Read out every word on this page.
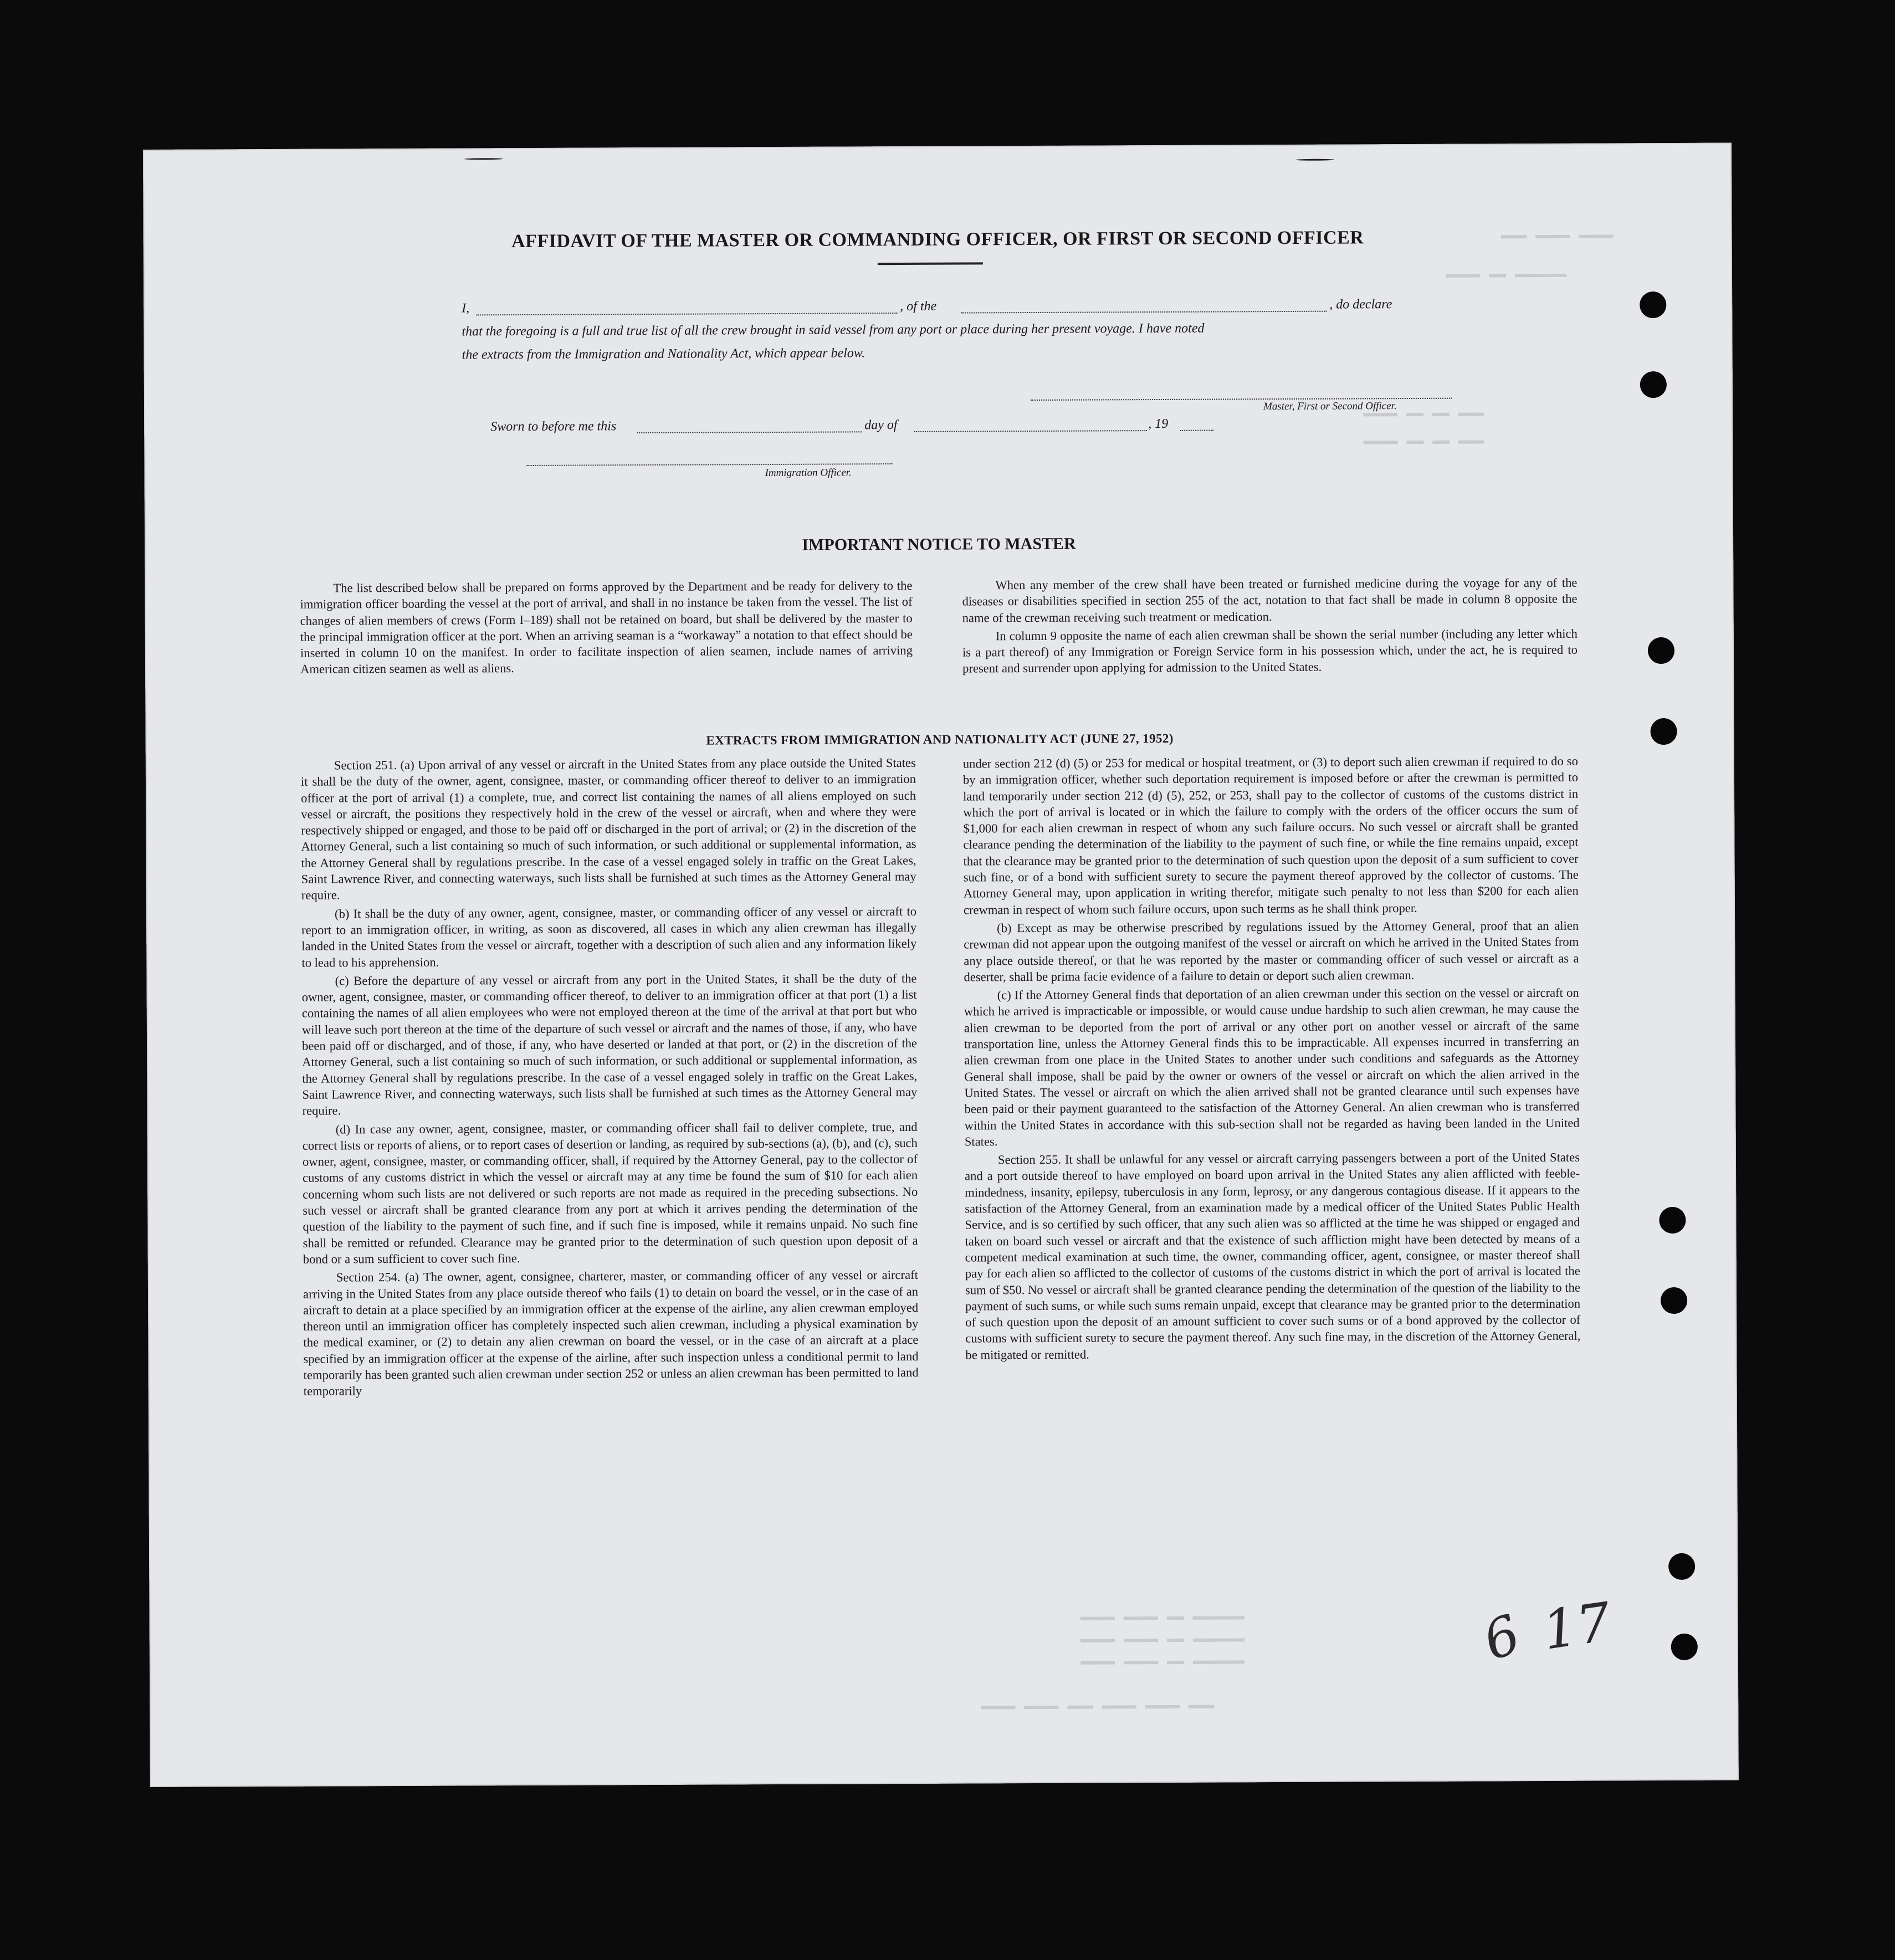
▬▬▬ ▬▬▬▬ ▬▬▬▬
▬▬▬▬ ▬▬ ▬▬▬▬▬▬
▬▬▬▬ ▬▬ ▬▬ ▬▬▬
▬▬▬▬ ▬▬ ▬▬ ▬▬▬
▬▬▬▬ ▬▬▬▬ ▬▬ ▬▬▬▬▬▬
▬▬▬▬ ▬▬▬▬ ▬▬ ▬▬▬▬▬▬
▬▬▬▬ ▬▬▬▬ ▬▬ ▬▬▬▬▬▬
▬▬▬▬ ▬▬▬▬ ▬▬▬ ▬▬▬▬ ▬▬▬▬ ▬▬▬
AFFIDAVIT OF THE MASTER OR COMMANDING OFFICER, OR FIRST OR SECOND OFFICER
I,	, of the	, do declare
that the foregoing is a full and true list of all the crew brought in said vessel from any port or place during her present voyage. I have noted
the extracts from the Immigration and Nationality Act, which appear below.
Master, First or Second Officer.
Sworn to before me this	day of	, 19
Immigration Officer.
IMPORTANT NOTICE TO MASTER

The list described below shall be prepared on forms approved by the Department and be ready for delivery to the immigration officer boarding the vessel at the port of arrival, and shall in no instance be taken from the vessel. The list of changes of alien members of crews (Form I–189) shall not be retained on board, but shall be delivered by the master to the principal immigration officer at the port. When an arriving seaman is a “workaway” a notation to that effect should be inserted in column 10 on the manifest. In order to facilitate inspection of alien seamen, include names of arriving American citizen seamen as well as aliens.

When any member of the crew shall have been treated or furnished medicine during the voyage for any of the diseases or disabilities specified in section 255 of the act, notation to that fact shall be made in column 8 opposite the name of the crewman receiving such treatment or medication.

In column 9 opposite the name of each alien crewman shall be shown the serial number (including any letter which is a part thereof) of any Immigration or Foreign Service form in his possession which, under the act, he is required to present and surrender upon applying for admission to the United States.

EXTRACTS FROM IMMIGRATION AND NATIONALITY ACT (JUNE 27, 1952)

Section 251. (a) Upon arrival of any vessel or aircraft in the United States from any place outside the United States it shall be the duty of the owner, agent, consignee, master, or commanding officer thereof to deliver to an immigration officer at the port of arrival (1) a complete, true, and correct list containing the names of all aliens employed on such vessel or aircraft, the positions they respectively hold in the crew of the vessel or aircraft, when and where they were respectively shipped or engaged, and those to be paid off or discharged in the port of arrival; or (2) in the discretion of the Attorney General, such a list containing so much of such information, or such additional or supplemental information, as the Attorney General shall by regulations prescribe. In the case of a vessel engaged solely in traffic on the Great Lakes, Saint Lawrence River, and connecting waterways, such lists shall be furnished at such times as the Attorney General may require.

(b) It shall be the duty of any owner, agent, consignee, master, or commanding officer of any vessel or aircraft to report to an immigration officer, in writing, as soon as discovered, all cases in which any alien crewman has illegally landed in the United States from the vessel or aircraft, together with a description of such alien and any information likely to lead to his apprehension.

(c) Before the departure of any vessel or aircraft from any port in the United States, it shall be the duty of the owner, agent, consignee, master, or commanding officer thereof, to deliver to an immigration officer at that port (1) a list containing the names of all alien employees who were not employed thereon at the time of the arrival at that port but who will leave such port thereon at the time of the departure of such vessel or aircraft and the names of those, if any, who have been paid off or discharged, and of those, if any, who have deserted or landed at that port, or (2) in the discretion of the Attorney General, such a list containing so much of such information, or such additional or supplemental information, as the Attorney General shall by regulations prescribe. In the case of a vessel engaged solely in traffic on the Great Lakes, Saint Lawrence River, and connecting waterways, such lists shall be furnished at such times as the Attorney General may require.

(d) In case any owner, agent, consignee, master, or commanding officer shall fail to deliver complete, true, and correct lists or reports of aliens, or to report cases of desertion or landing, as required by sub-sections (a), (b), and (c), such owner, agent, consignee, master, or commanding officer, shall, if required by the Attorney General, pay to the collector of customs of any customs district in which the vessel or aircraft may at any time be found the sum of $10 for each alien concerning whom such lists are not delivered or such reports are not made as required in the preceding subsections. No such vessel or aircraft shall be granted clearance from any port at which it arrives pending the determination of the question of the liability to the payment of such fine, and if such fine is imposed, while it remains unpaid. No such fine shall be remitted or refunded. Clearance may be granted prior to the determination of such question upon deposit of a bond or a sum sufficient to cover such fine.

Section 254. (a) The owner, agent, consignee, charterer, master, or commanding officer of any vessel or aircraft arriving in the United States from any place outside thereof who fails (1) to detain on board the vessel, or in the case of an aircraft to detain at a place specified by an immigration officer at the expense of the airline, any alien crewman employed thereon until an immigration officer has completely inspected such alien crewman, including a physical examination by the medical examiner, or (2) to detain any alien crewman on board the vessel, or in the case of an aircraft at a place specified by an immigration officer at the expense of the airline, after such inspection unless a conditional permit to land temporarily has been granted such alien crewman under section 252 or unless an alien crewman has been permitted to land temporarily

under section 212 (d) (5) or 253 for medical or hospital treatment, or (3) to deport such alien crewman if required to do so by an immigration officer, whether such deportation requirement is imposed before or after the crewman is permitted to land temporarily under section 212 (d) (5), 252, or 253, shall pay to the collector of customs of the customs district in which the port of arrival is located or in which the failure to comply with the orders of the officer occurs the sum of $1,000 for each alien crewman in respect of whom any such failure occurs. No such vessel or aircraft shall be granted clearance pending the determination of the liability to the payment of such fine, or while the fine remains unpaid, except that the clearance may be granted prior to the determination of such question upon the deposit of a sum sufficient to cover such fine, or of a bond with sufficient surety to secure the payment thereof approved by the collector of customs. The Attorney General may, upon application in writing therefor, mitigate such penalty to not less than $200 for each alien crewman in respect of whom such failure occurs, upon such terms as he shall think proper.

(b) Except as may be otherwise prescribed by regulations issued by the Attorney General, proof that an alien crewman did not appear upon the outgoing manifest of the vessel or aircraft on which he arrived in the United States from any place outside thereof, or that he was reported by the master or commanding officer of such vessel or aircraft as a deserter, shall be prima facie evidence of a failure to detain or deport such alien crewman.

(c) If the Attorney General finds that deportation of an alien crewman under this section on the vessel or aircraft on which he arrived is impracticable or impossible, or would cause undue hardship to such alien crewman, he may cause the alien crewman to be deported from the port of arrival or any other port on another vessel or aircraft of the same transportation line, unless the Attorney General finds this to be impracticable. All expenses incurred in transferring an alien crewman from one place in the United States to another under such conditions and safeguards as the Attorney General shall impose, shall be paid by the owner or owners of the vessel or aircraft on which the alien arrived in the United States. The vessel or aircraft on which the alien arrived shall not be granted clearance until such expenses have been paid or their payment guaranteed to the satisfaction of the Attorney General. An alien crewman who is transferred within the United States in accordance with this sub-section shall not be regarded as having been landed in the United States.

Section 255. It shall be unlawful for any vessel or aircraft carrying passengers between a port of the United States and a port outside thereof to have employed on board upon arrival in the United States any alien afflicted with feeble-mindedness, insanity, epilepsy, tuberculosis in any form, leprosy, or any dangerous contagious disease. If it appears to the satisfaction of the Attorney General, from an examination made by a medical officer of the United States Public Health Service, and is so certified by such officer, that any such alien was so afflicted at the time he was shipped or engaged and taken on board such vessel or aircraft and that the existence of such affliction might have been detected by means of a competent medical examination at such time, the owner, commanding officer, agent, consignee, or master thereof shall pay for each alien so afflicted to the collector of customs of the customs district in which the port of arrival is located the sum of $50. No vessel or aircraft shall be granted clearance pending the determination of the question of the liability to the payment of such sums, or while such sums remain unpaid, except that clearance may be granted prior to the determination of such question upon the deposit of an amount sufficient to cover such sums or of a bond approved by the collector of customs with sufficient surety to secure the payment thereof. Any such fine may, in the discretion of the Attorney General, be mitigated or remitted.

6 17
